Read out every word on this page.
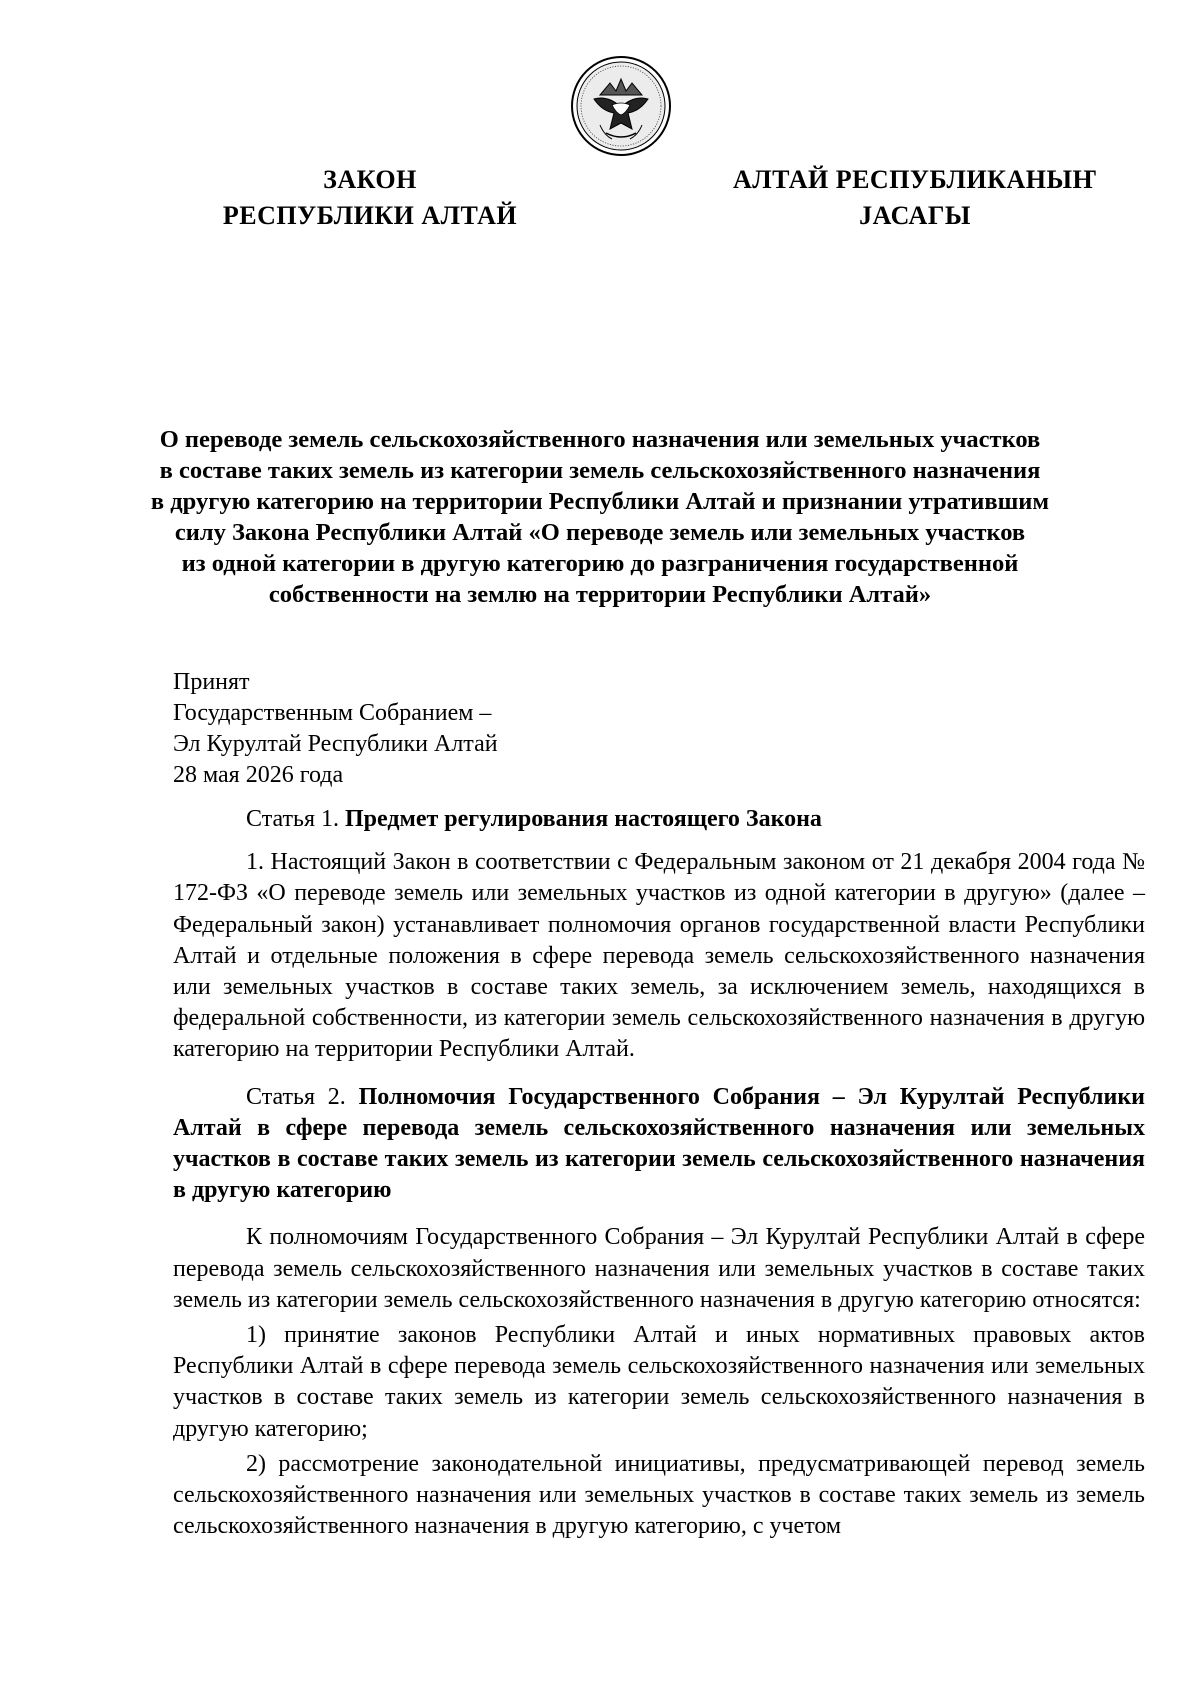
ЗАКОН
РЕСПУБЛИКИ АЛТАЙ
АЛТАЙ РЕСПУБЛИКАНЫҤ
ЈАСАГЫ
О переводе земель сельскохозяйственного назначения или земельных участков
в составе таких земель из категории земель сельскохозяйственного назначения
в другую категорию на территории Республики Алтай и признании утратившим
силу Закона Республики Алтай «О переводе земель или земельных участков
из одной категории в другую категорию до разграничения государственной
собственности на землю на территории Республики Алтай»
Принят
Государственным Собранием –
Эл Курултай Республики Алтай
28 мая 2026 года

Статья 1. Предмет регулирования настоящего Закона

1. Настоящий Закон в соответствии с Федеральным законом от 21 декабря 2004 года № 172-ФЗ «О переводе земель или земельных участков из одной категории в другую» (далее – Федеральный закон) устанавливает полномочия органов государственной власти Республики Алтай и отдельные положения в сфере перевода земель сельскохозяйственного назначения или земельных участков в составе таких земель, за исключением земель, находящихся в федеральной собственности, из категории земель сельскохозяйственного назначения в другую категорию на территории Республики Алтай.

Статья 2. Полномочия Государственного Собрания – Эл Курултай Республики Алтай в сфере перевода земель сельскохозяйственного назначения или земельных участков в составе таких земель из категории земель сельскохозяйственного назначения в другую категорию

К полномочиям Государственного Собрания – Эл Курултай Республики Алтай в сфере перевода земель сельскохозяйственного назначения или земельных участков в составе таких земель из категории земель сельскохозяйственного назначения в другую категорию относятся:

1) принятие законов Республики Алтай и иных нормативных правовых актов Республики Алтай в сфере перевода земель сельскохозяйственного назначения или земельных участков в составе таких земель из категории земель сельскохозяйственного назначения в другую категорию;

2) рассмотрение законодательной инициативы, предусматривающей перевод земель сельскохозяйственного назначения или земельных участков в составе таких земель из земель сельскохозяйственного назначения в другую категорию, с учетом
